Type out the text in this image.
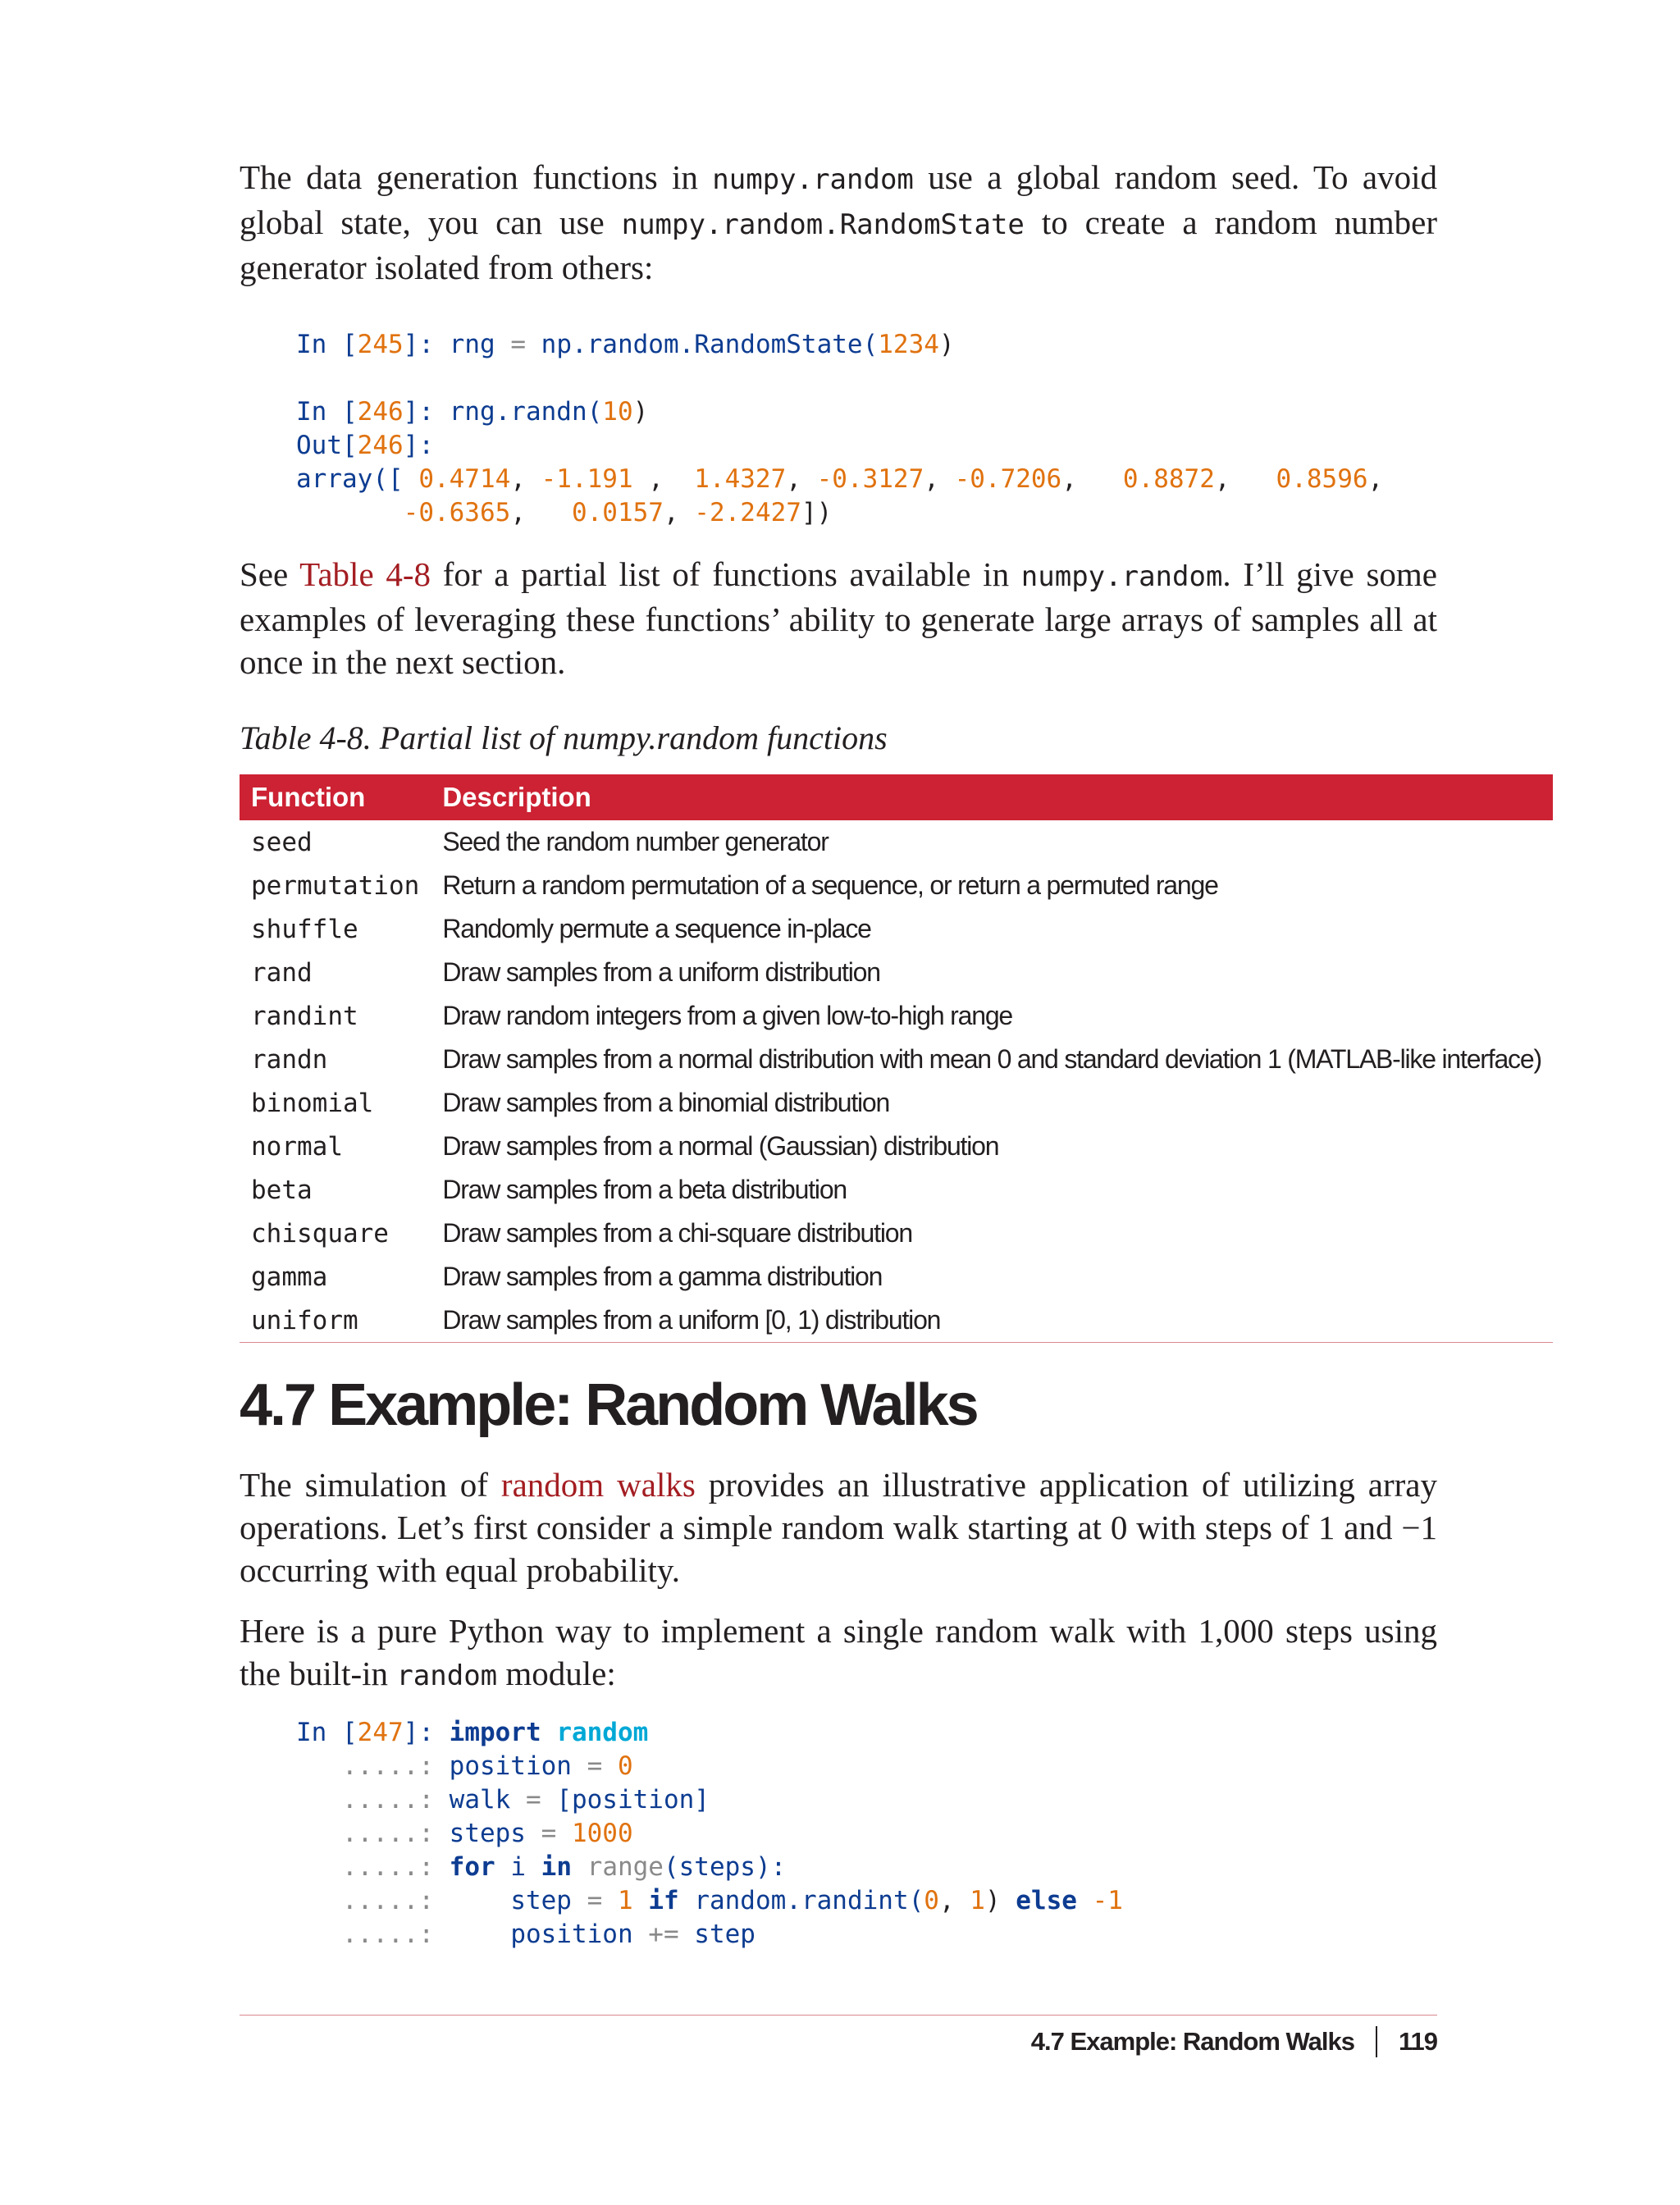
The data generation functions in numpy.random use a global random seed. To avoid global state, you can use numpy.random.RandomState to create a random number generator isolated from others:

In [245]: rng = np.random.RandomState(1234)

In [246]: rng.randn(10)
Out[246]:
array([ 0.4714, -1.191 ,  1.4327, -0.3127, -0.7206,   0.8872,   0.8596,
-0.6365,   0.0157, -2.2427])

See Table 4-8 for a partial list of functions available in numpy.random. I’ll give some examples of leveraging these functions’ ability to generate large arrays of samples all at once in the next section.

Table 4-8. Partial list of numpy.random functions
Function	Description
seed	Seed the random number generator
permutation	Return a random permutation of a sequence, or return a permuted range
shuffle	Randomly permute a sequence in-place
rand	Draw samples from a uniform distribution
randint	Draw random integers from a given low-to-high range
randn	Draw samples from a normal distribution with mean 0 and standard deviation 1 (MATLAB-like interface)
binomial	Draw samples from a binomial distribution
normal	Draw samples from a normal (Gaussian) distribution
beta	Draw samples from a beta distribution
chisquare	Draw samples from a chi-square distribution
gamma	Draw samples from a gamma distribution
uniform	Draw samples from a uniform [0, 1) distribution
4.7 Example: Random Walks

The simulation of random walks provides an illustrative application of utilizing array operations. Let’s first consider a simple random walk starting at 0 with steps of 1 and −1 occurring with equal probability.

Here is a pure Python way to implement a single random walk with 1,000 steps using the built-in random module:

In [247]: import random
.....: position = 0
.....: walk = [position]
.....: steps = 1000
.....: for i in range(steps):
.....:     step = 1 if random.randint(0, 1) else -1
.....:     position += step
4.7 Example: Random Walks 119
